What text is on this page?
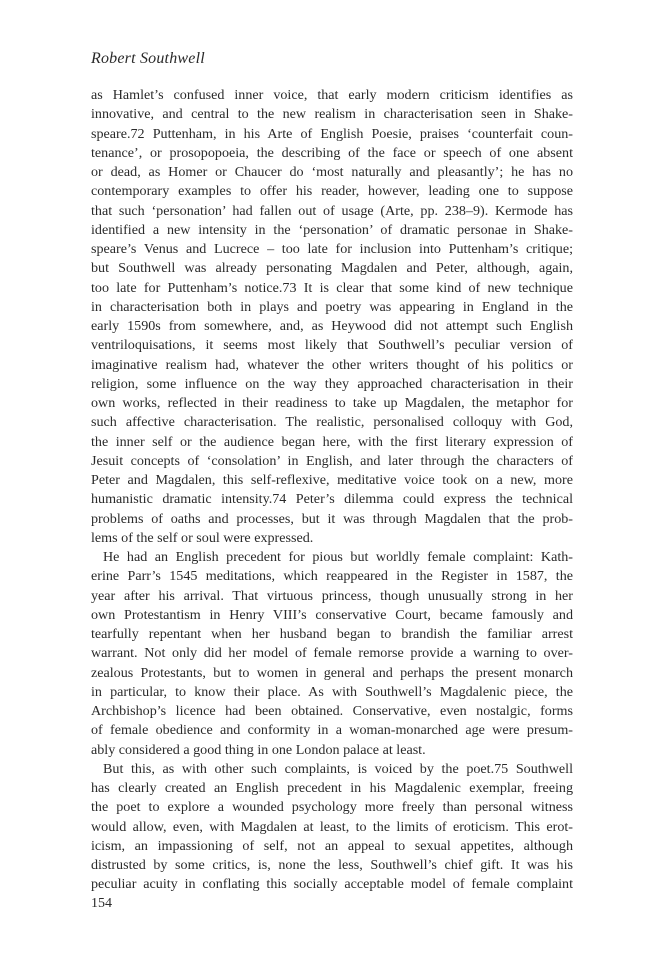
Robert Southwell
as Hamlet’s confused inner voice, that early modern criticism identifies as
innovative, and central to the new realism in characterisation seen in Shake-
speare.72 Puttenham, in his Arte of English Poesie, praises ‘counterfait coun-
tenance’, or prosopopoeia, the describing of the face or speech of one absent
or dead, as Homer or Chaucer do ‘most naturally and pleasantly’; he has no
contemporary examples to offer his reader, however, leading one to suppose
that such ‘personation’ had fallen out of usage (Arte, pp. 238–9). Kermode has
identified a new intensity in the ‘personation’ of dramatic personae in Shake-
speare’s Venus and Lucrece – too late for inclusion into Puttenham’s critique;
but Southwell was already personating Magdalen and Peter, although, again,
too late for Puttenham’s notice.73 It is clear that some kind of new technique
in characterisation both in plays and poetry was appearing in England in the
early 1590s from somewhere, and, as Heywood did not attempt such English
ventriloquisations, it seems most likely that Southwell’s peculiar version of
imaginative realism had, whatever the other writers thought of his politics or
religion, some influence on the way they approached characterisation in their
own works, reflected in their readiness to take up Magdalen, the metaphor for
such affective characterisation. The realistic, personalised colloquy with God,
the inner self or the audience began here, with the first literary expression of
Jesuit concepts of ‘consolation’ in English, and later through the characters of
Peter and Magdalen, this self-reflexive, meditative voice took on a new, more
humanistic dramatic intensity.74 Peter’s dilemma could express the technical
problems of oaths and processes, but it was through Magdalen that the prob-
lems of the self or soul were expressed.
He had an English precedent for pious but worldly female complaint: Kath-
erine Parr’s 1545 meditations, which reappeared in the Register in 1587, the
year after his arrival. That virtuous princess, though unusually strong in her
own Protestantism in Henry VIII’s conservative Court, became famously and
tearfully repentant when her husband began to brandish the familiar arrest
warrant. Not only did her model of female remorse provide a warning to over-
zealous Protestants, but to women in general and perhaps the present monarch
in particular, to know their place. As with Southwell’s Magdalenic piece, the
Archbishop’s licence had been obtained. Conservative, even nostalgic, forms
of female obedience and conformity in a woman-monarched age were presum-
ably considered a good thing in one London palace at least.
But this, as with other such complaints, is voiced by the poet.75 Southwell
has clearly created an English precedent in his Magdalenic exemplar, freeing
the poet to explore a wounded psychology more freely than personal witness
would allow, even, with Magdalen at least, to the limits of eroticism. This erot-
icism, an impassioning of self, not an appeal to sexual appetites, although
distrusted by some critics, is, none the less, Southwell’s chief gift. It was his
peculiar acuity in conflating this socially acceptable model of female complaint
154
